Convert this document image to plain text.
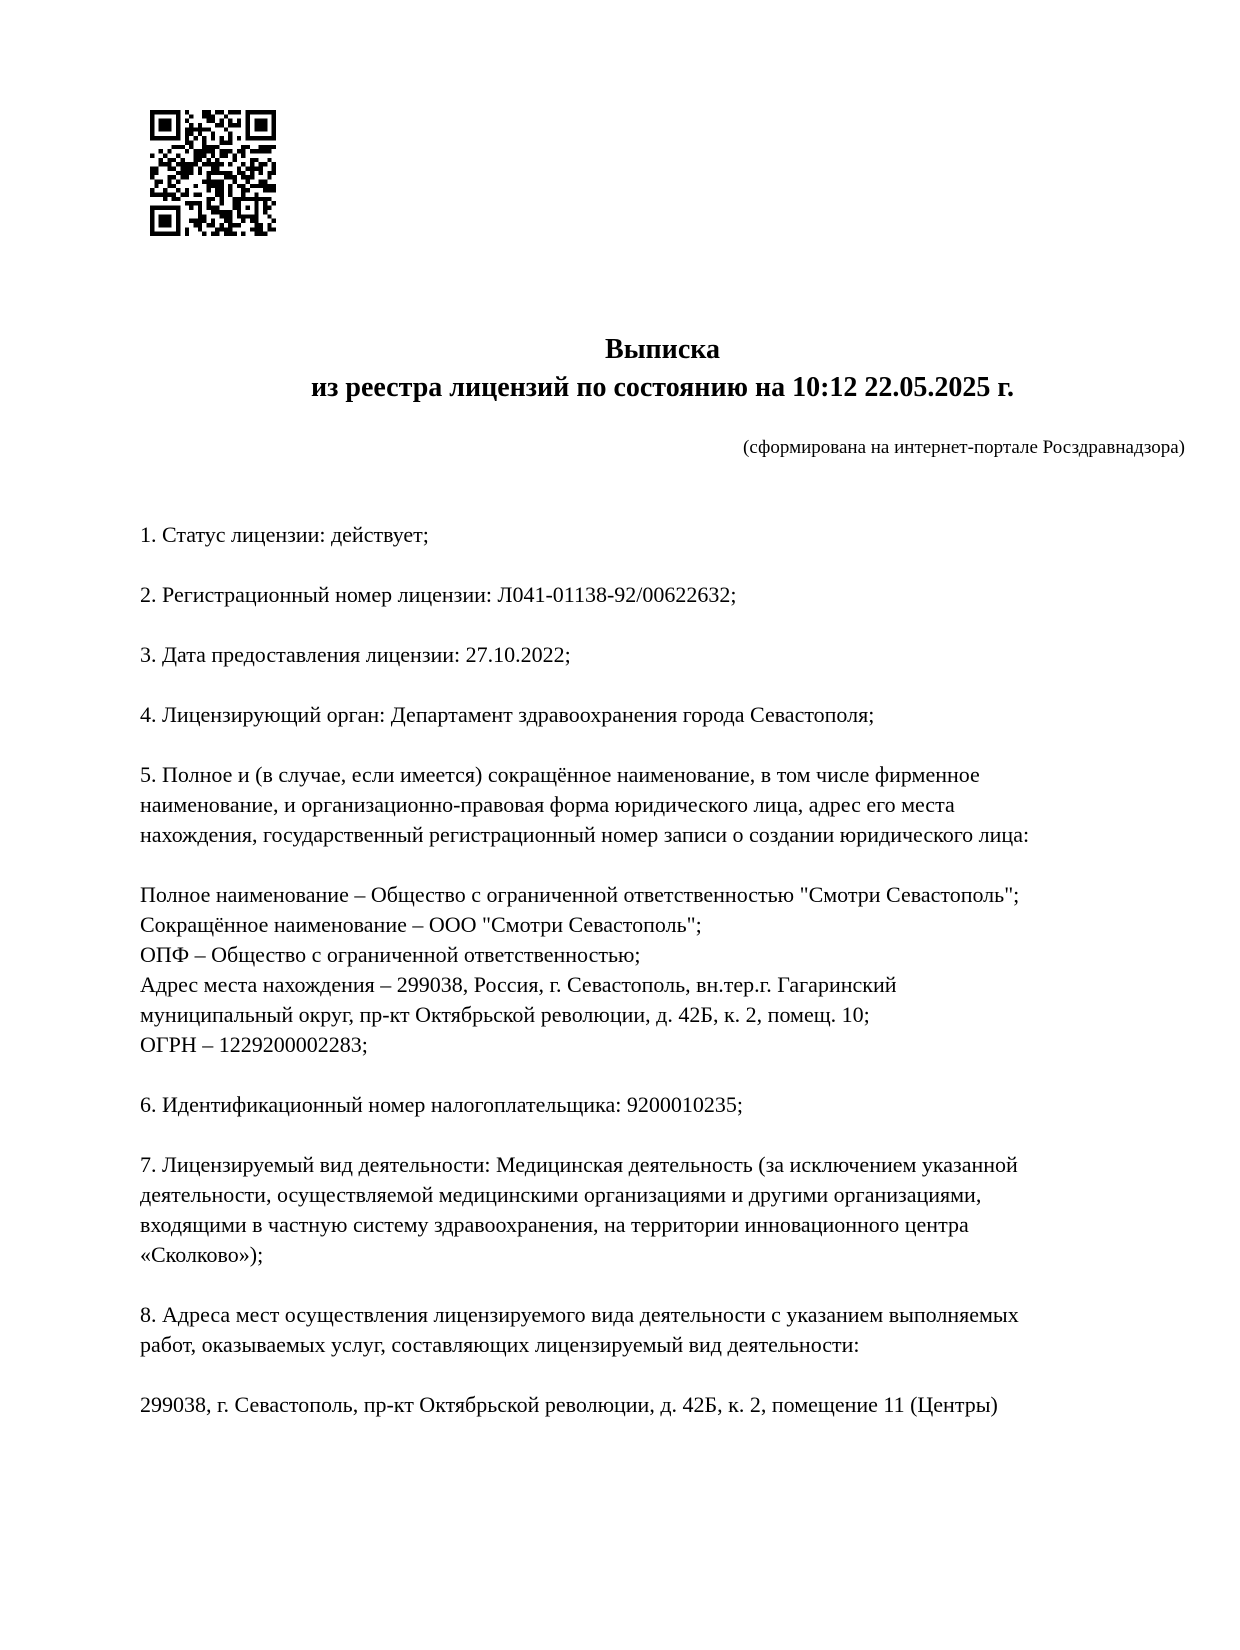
Выписка
из реестра лицензий по состоянию на 10:12 22.05.2025 г.
(сформирована на интернет-портале Росздравнадзора)
1. Статус лицензии: действует;
2. Регистрационный номер лицензии: Л041-01138-92/00622632;
3. Дата предоставления лицензии: 27.10.2022;
4. Лицензирующий орган: Департамент здравоохранения города Севастополя;
5. Полное и (в случае, если имеется) сокращённое наименование, в том числе фирменное
наименование, и организационно-правовая форма юридического лица, адрес его места
нахождения, государственный регистрационный номер записи о создании юридического лица:
Полное наименование – Общество с ограниченной ответственностью "Смотри Севастополь";
Сокращённое наименование – ООО "Смотри Севастополь";
ОПФ – Общество с ограниченной ответственностью;
Адрес места нахождения – 299038, Россия, г. Севастополь, вн.тер.г. Гагаринский
муниципальный округ, пр-кт Октябрьской революции, д. 42Б, к. 2, помещ. 10;
ОГРН – 1229200002283;
6. Идентификационный номер налогоплательщика: 9200010235;
7. Лицензируемый вид деятельности: Медицинская деятельность (за исключением указанной
деятельности, осуществляемой медицинскими организациями и другими организациями,
входящими в частную систему здравоохранения, на территории инновационного центра
«Сколково»);
8. Адреса мест осуществления лицензируемого вида деятельности с указанием выполняемых
работ, оказываемых услуг, составляющих лицензируемый вид деятельности:
299038, г. Севастополь, пр-кт Октябрьской революции, д. 42Б, к. 2, помещение 11 (Центры)
